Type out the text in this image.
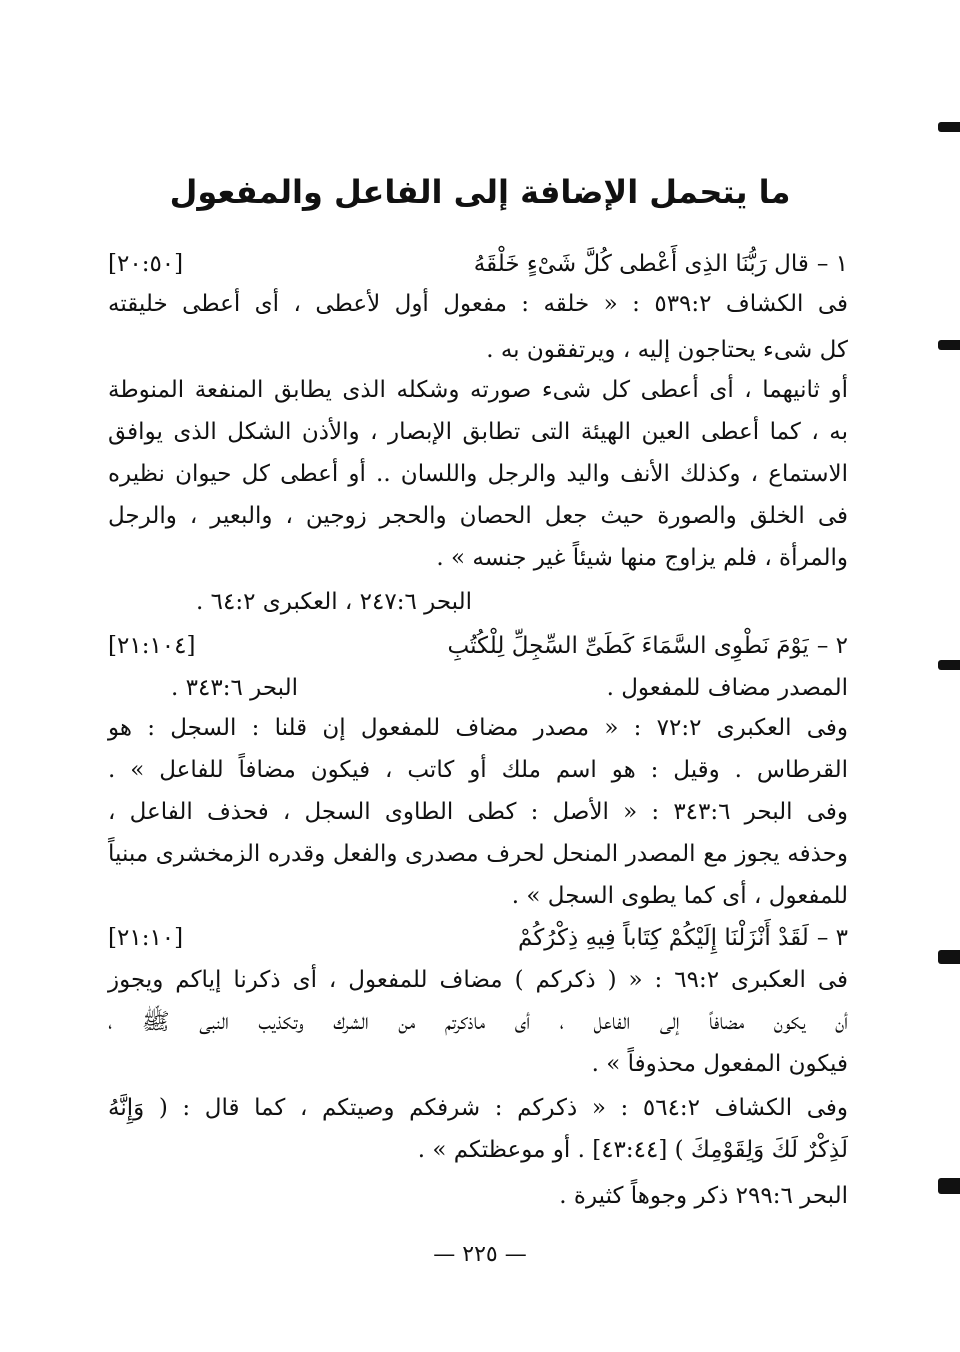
ما يتحمل الإضافة إلى الفاعل والمفعول
١ –قال رَبُّنَا الذِى أَعْطى كُلَّ شَىْءٍ خَلْقَهُ
[٢٠:٥٠]
فى الكشاف ٥٣٩:٢ : « خلقه : مفعول أول لأعطى ، أى أعطى خليقته
كل شىء يحتاجون إليه ، ويرتفقون به .
أو ثانيهما ، أى أعطى كل شىء صورته وشكله الذى يطابق المنفعة المنوطة
به ، كما أعطى العين الهيئة التى تطابق الإبصار ، والأذن الشكل الذى يوافق
الاستماع ، وكذلك الأنف واليد والرجل واللسان .. أو أعطى كل حيوان نظيره
فى الخلق والصورة حيث جعل الحصان والحجر زوجين ، والبعير ، والرجل
والمرأة ، فلم يزاوج منها شيئاً غير جنسه » .
البحر ٢٤٧:٦ ، العكبرى ٦٤:٢ .
٢ –يَوْمَ نَطْوِى السَّمَاءَ كَطَىِّ السِّجِلِّ لِلْكُتُبِ
[٢١:١٠٤]
المصدر مضاف للمفعول .
البحر ٣٤٣:٦ .
وفى العكبرى ٧٢:٢ : « مصدر مضاف للمفعول إن قلنا : السجل : هو
القرطاس . وقيل : هو اسم ملك أو كاتب ، فيكون مضافاً للفاعل » .
وفى البحر ٣٤٣:٦ : « الأصل : كطى الطاوى السجل ، فحذف الفاعل ،
وحذفه يجوز مع المصدر المنحل لحرف مصدرى والفعل وقدره الزمخشرى مبنياً
للمفعول ، أى كما يطوى السجل » .
٣ –لَقَدْ أَنْزَلْنَا إِلَيْكُمْ كِتَاباً فِيهِ ذِكْرُكُمْ
[٢١:١٠]
فى العكبرى ٦٩:٢ : « ( ذكركم ) مضاف للمفعول ، أى ذكرنا إياكم ويجوز
أن يكون مضافاً إلى الفاعل ، أى ماذكرتم من الشرك وتكذيب النبى ﷺ ،
فيكون المفعول محذوفاً » .
وفى الكشاف ٥٦٤:٢ : « ذكركم : شرفكم وصيتكم ، كما قال : ( وَإِنَّهُ
لَذِكْرٌ لَكَ وَلِقَوْمِكَ ) [٤٣:٤٤] . أو موعظتكم » .
البحر ٢٩٩:٦ ذكر وجوهاً كثيرة .
— ٢٢٥ —
